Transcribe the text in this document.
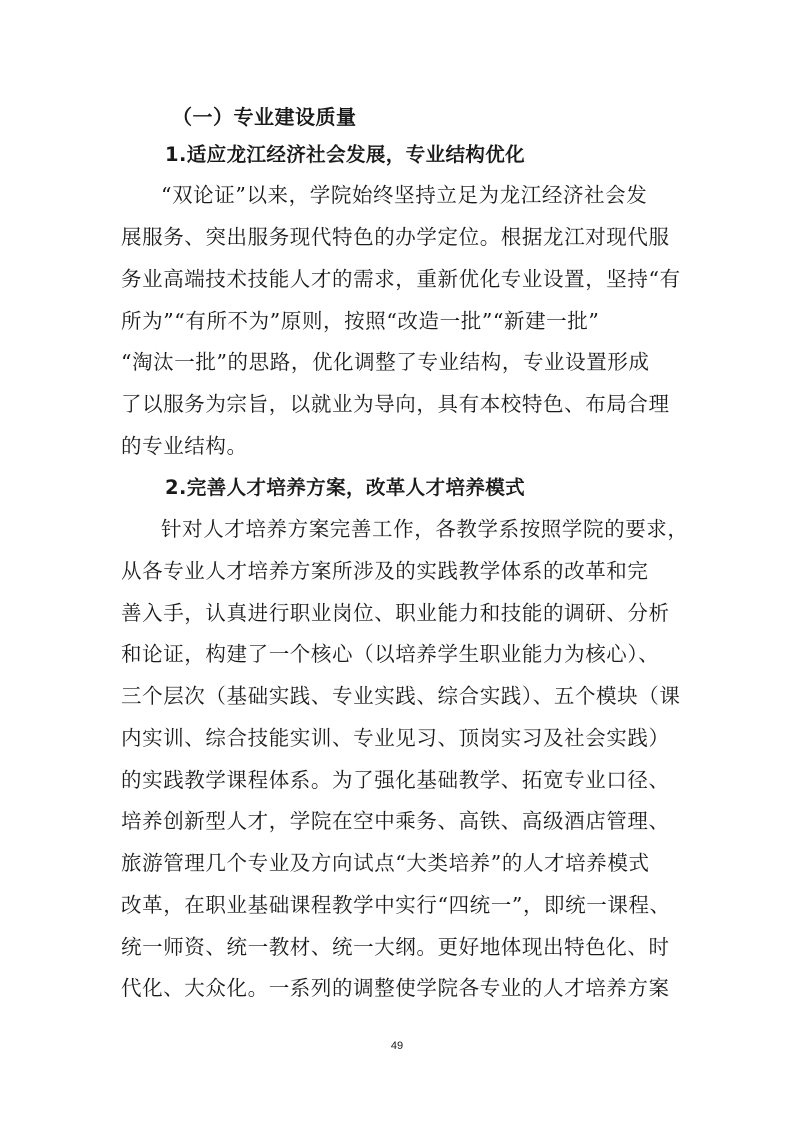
（一）专业建设质量
1.适应龙江经济社会发展，专业结构优化
“双论证”以来，学院始终坚持立足为龙江经济社会发
展服务、突出服务现代特色的办学定位。根据龙江对现代服
务业高端技术技能人才的需求，重新优化专业设置，坚持“有
所为”“有所不为”原则，按照“改造一批”“新建一批”
“淘汰一批”的思路，优化调整了专业结构，专业设置形成
了以服务为宗旨，以就业为导向，具有本校特色、布局合理
的专业结构。
2.完善人才培养方案，改革人才培养模式
针对人才培养方案完善工作，各教学系按照学院的要求，
从各专业人才培养方案所涉及的实践教学体系的改革和完
善入手，认真进行职业岗位、职业能力和技能的调研、分析
和论证，构建了一个核心（以培养学生职业能力为核心）、
三个层次（基础实践、专业实践、综合实践）、五个模块（课
内实训、综合技能实训、专业见习、顶岗实习及社会实践）
的实践教学课程体系。为了强化基础教学、拓宽专业口径、
培养创新型人才，学院在空中乘务、高铁、高级酒店管理、
旅游管理几个专业及方向试点“大类培养”的人才培养模式
改革，在职业基础课程教学中实行“四统一”，即统一课程、
统一师资、统一教材、统一大纲。更好地体现出特色化、时
代化、大众化。一系列的调整使学院各专业的人才培养方案
49
